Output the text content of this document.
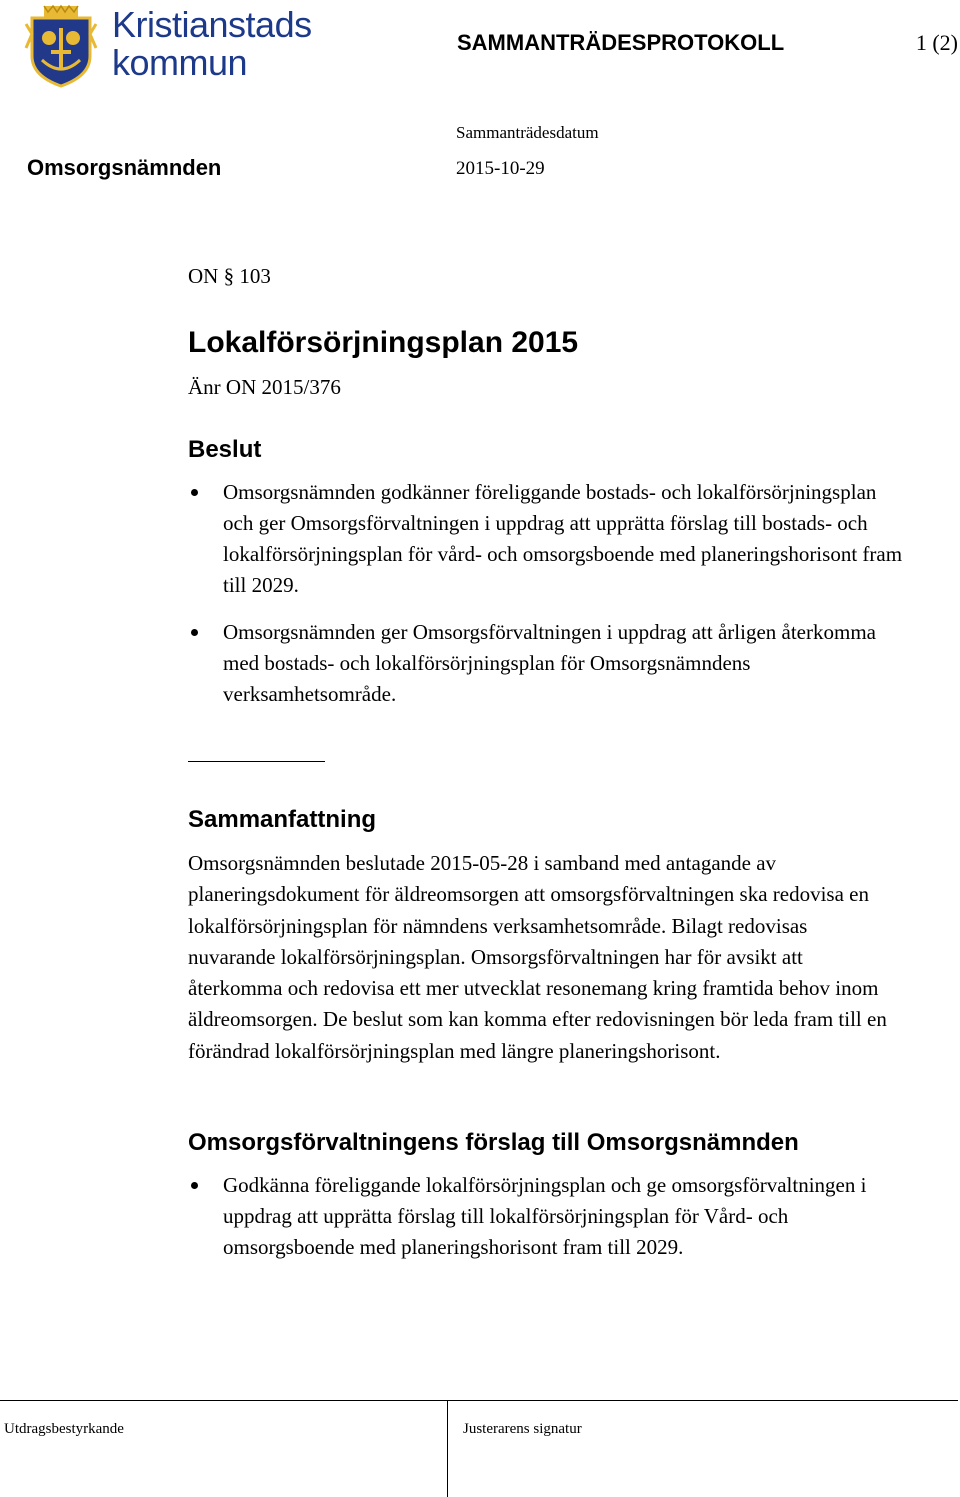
Kristianstads
kommun	SAMMANTRÄDESPROTOKOLL	1 (2)
Sammanträdesdatum
Omsorgsnämnden	2015-10-29
ON § 103
Lokalförsörjningsplan 2015
Änr ON 2015/376
Beslut
Omsorgsnämnden godkänner föreliggande bostads- och lokalförsörjningsplan och ger Omsorgsförvaltningen i uppdrag att upprätta förslag till bostads- och lokalförsörjningsplan för vård- och omsorgsboende med planeringshorisont fram till 2029.
Omsorgsnämnden ger Omsorgsförvaltningen i uppdrag att årligen återkomma med bostads- och lokalförsörjningsplan för Omsorgsnämndens verksamhetsområde.
Sammanfattning

Omsorgsnämnden beslutade 2015-05-28 i samband med antagande av planeringsdokument för äldreomsorgen att omsorgsförvaltningen ska redovisa en lokalförsörjningsplan för nämndens verksamhetsområde. Bilagt redovisas nuvarande lokalförsörjningsplan. Omsorgsförvaltningen har för avsikt att återkomma och redovisa ett mer utvecklat resonemang kring framtida behov inom äldreomsorgen. De beslut som kan komma efter redovisningen bör leda fram till en förändrad lokalförsörjningsplan med längre planeringshorisont.

Omsorgsförvaltningens förslag till Omsorgsnämnden
Godkänna föreliggande lokalförsörjningsplan och ge omsorgsförvaltningen i uppdrag att upprätta förslag till lokalförsörjningsplan för Vård- och omsorgsboende med planeringshorisont fram till 2029.
Utdragsbestyrkande	Justerarens signatur
